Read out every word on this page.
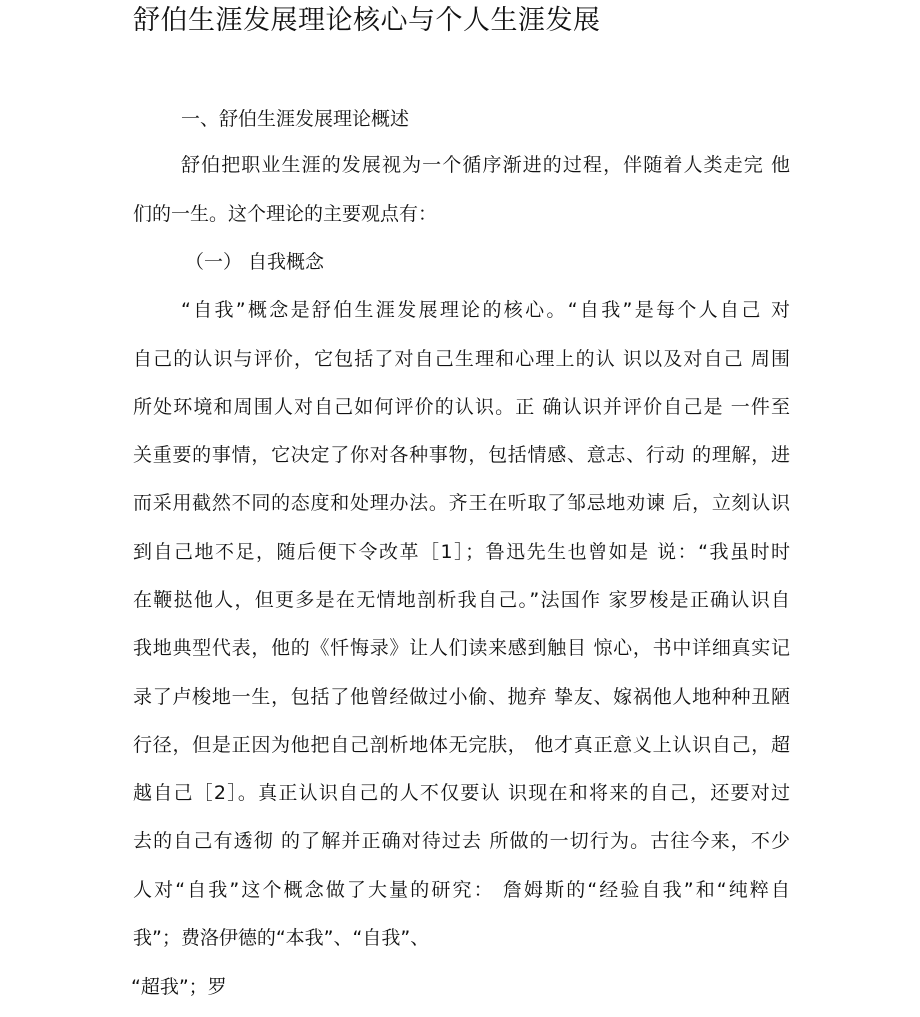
舒伯生涯发展理论核心与个人生涯发展
一、舒伯生涯发展理论概述
舒伯把职业生涯的发展视为一个循序渐进的过程，伴随着人类走完 他
们的一生。这个理论的主要观点有：
（一） 自我概念
“自我”概念是舒伯生涯发展理论的核心。“自我”是每个人自己 对
自己的认识与评价，它包括了对自己生理和心理上的认 识以及对自己 周围
所处环境和周围人对自己如何评价的认识。正 确认识并评价自己是 一件至
关重要的事情，它决定了你对各种事物，包括情感、意志、行动 的理解，进
而采用截然不同的态度和处理办法。齐王在听取了邹忌地劝谏 后，立刻认识
到自己地不足，随后便下令改革［1］；鲁迅先生也曾如是 说：“我虽时时
在鞭挞他人，但更多是在无情地剖析我自己。”法国作 家罗梭是正确认识自
我地典型代表，他的《忏悔录》让人们读来感到触目 惊心，书中详细真实记
录了卢梭地一生，包括了他曾经做过小偷、抛弃 挚友、嫁祸他人地种种丑陋
行径，但是正因为他把自己剖析地体无完肤， 他才真正意义上认识自己，超
越自己［2］。真正认识自己的人不仅要认 识现在和将来的自己，还要对过
去的自己有透彻 的了解并正确对待过去 所做的一切行为。古往今来，不少
人对“自我”这个概念做了大量的研究： 詹姆斯的“经验自我”和“纯粹自
我”；费洛伊德的“本我”、“自我”、
“超我”；罗
